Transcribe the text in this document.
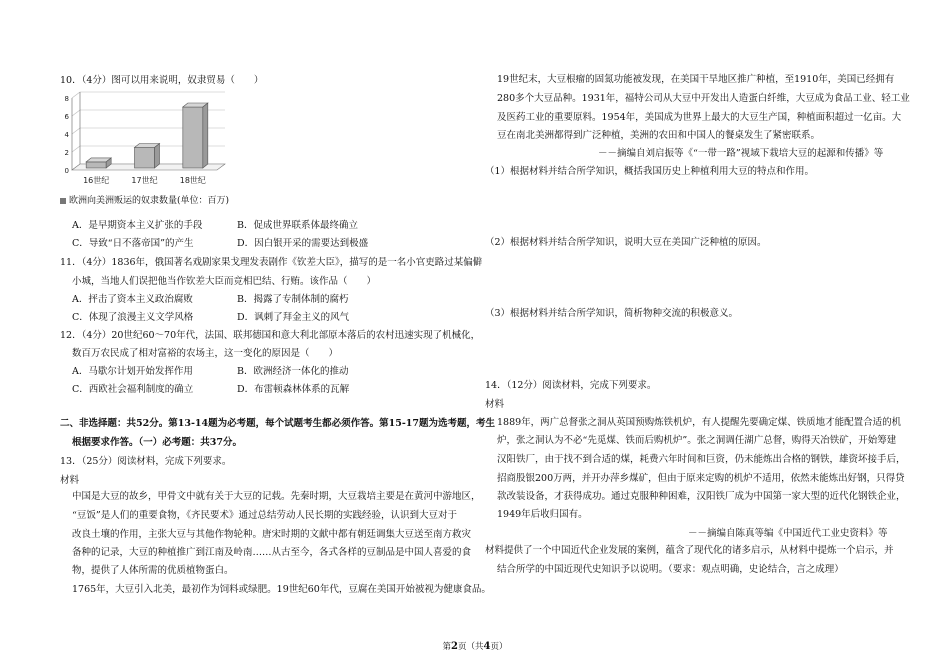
10．（4分）图可以用来说明，奴隶贸易（　　）
0
2
4
6
8
16世纪	17世纪	18世纪
欧洲向美洲贩运的奴隶数量(单位：百万)
A．是早期资本主义扩张的手段	B．促成世界联系体最终确立
C．导致“日不落帝国”的产生	D．因白银开采的需要达到极盛
11．（4分）1836年，俄国著名戏剧家果戈理发表剧作《钦差大臣》，描写的是一名小官吏路过某偏僻
小城，当地人们误把他当作钦差大臣而竞相巴结、行贿。该作品（　　）
A．抨击了资本主义政治腐败	B．揭露了专制体制的腐朽
C．体现了浪漫主义文学风格	D．讽刺了拜金主义的风气
12．（4分）20世纪60～70年代，法国、联邦德国和意大利北部原本落后的农村迅速实现了机械化，
数百万农民成了相对富裕的农场主，这一变化的原因是（　　）
A．马歇尔计划开始发挥作用	B．欧洲经济一体化的推动
C．西欧社会福利制度的确立	D．布雷顿森林体系的瓦解
二、非选择题：共52分。第13-14题为必考题，每个试题考生都必须作答。第15-17题为选考题，考生
根据要求作答。（一）必考题：共37分。
13．（25分）阅读材料，完成下列要求。
材料
中国是大豆的故乡，甲骨文中就有关于大豆的记载。先秦时期，大豆栽培主要是在黄河中游地区，
“豆饭”是人们的重要食物，《齐民要术》通过总结劳动人民长期的实践经验，认识到大豆对于
改良土壤的作用，主张大豆与其他作物轮种。唐宋时期的文献中都有朝廷调集大豆送至南方救灾
备种的记录，大豆的种植推广到江南及岭南……从古至今，各式各样的豆制品是中国人喜爱的食
物，提供了人体所需的优质植物蛋白。
1765年，大豆引入北美，最初作为饲料或绿肥。19世纪60年代，豆腐在美国开始被视为健康食品。
19世纪末，大豆根瘤的固氮功能被发现，在美国干旱地区推广种植，至1910年，美国已经拥有
280多个大豆品种。1931年，福特公司从大豆中开发出人造蛋白纤维，大豆成为食品工业、轻工业
及医药工业的重要原料。1954年，美国成为世界上最大的大豆生产国，种植面积超过一亿亩。大
豆在南北美洲都得到广泛种植，美洲的农田和中国人的餐桌发生了紧密联系。
－－摘编自刘启振等《“一带一路”视域下栽培大豆的起源和传播》等
（1）根据材料并结合所学知识，概括我国历史上种植利用大豆的特点和作用。
（2）根据材料并结合所学知识，说明大豆在美国广泛种植的原因。
（3）根据材料并结合所学知识，简析物种交流的积极意义。
14．（12分）阅读材料，完成下列要求。
材料
1889年，两广总督张之洞从英国预购炼铁机炉，有人提醒先要确定煤、铁质地才能配置合适的机
炉，张之洞认为不必“先觅煤、铁而后购机炉”。张之洞调任湖广总督，购得天冶铁矿，开始筹建
汉阳铁厂，由于找不到合适的煤，耗费六年时间和巨资，仍未能炼出合格的钢铁，雄资坏接手后，
招商股银200万两，并开办萍乡煤矿，但由于原来定购的机炉不适用，依然未能炼出好钢，只得贷
款改装设备，才获得成功。通过克服种种困难，汉阳铁厂成为中国第一家大型的近代化钢铁企业，
1949年后收归国有。
－－摘编自陈真等编《中国近代工业史资料》等
材料提供了一个中国近代企业发展的案例，蕴含了现代化的诸多启示，从材料中提炼一个启示，并
结合所学的中国近现代史知识予以说明。（要求：观点明确，史论结合，言之成理）
第2页（共4页）
